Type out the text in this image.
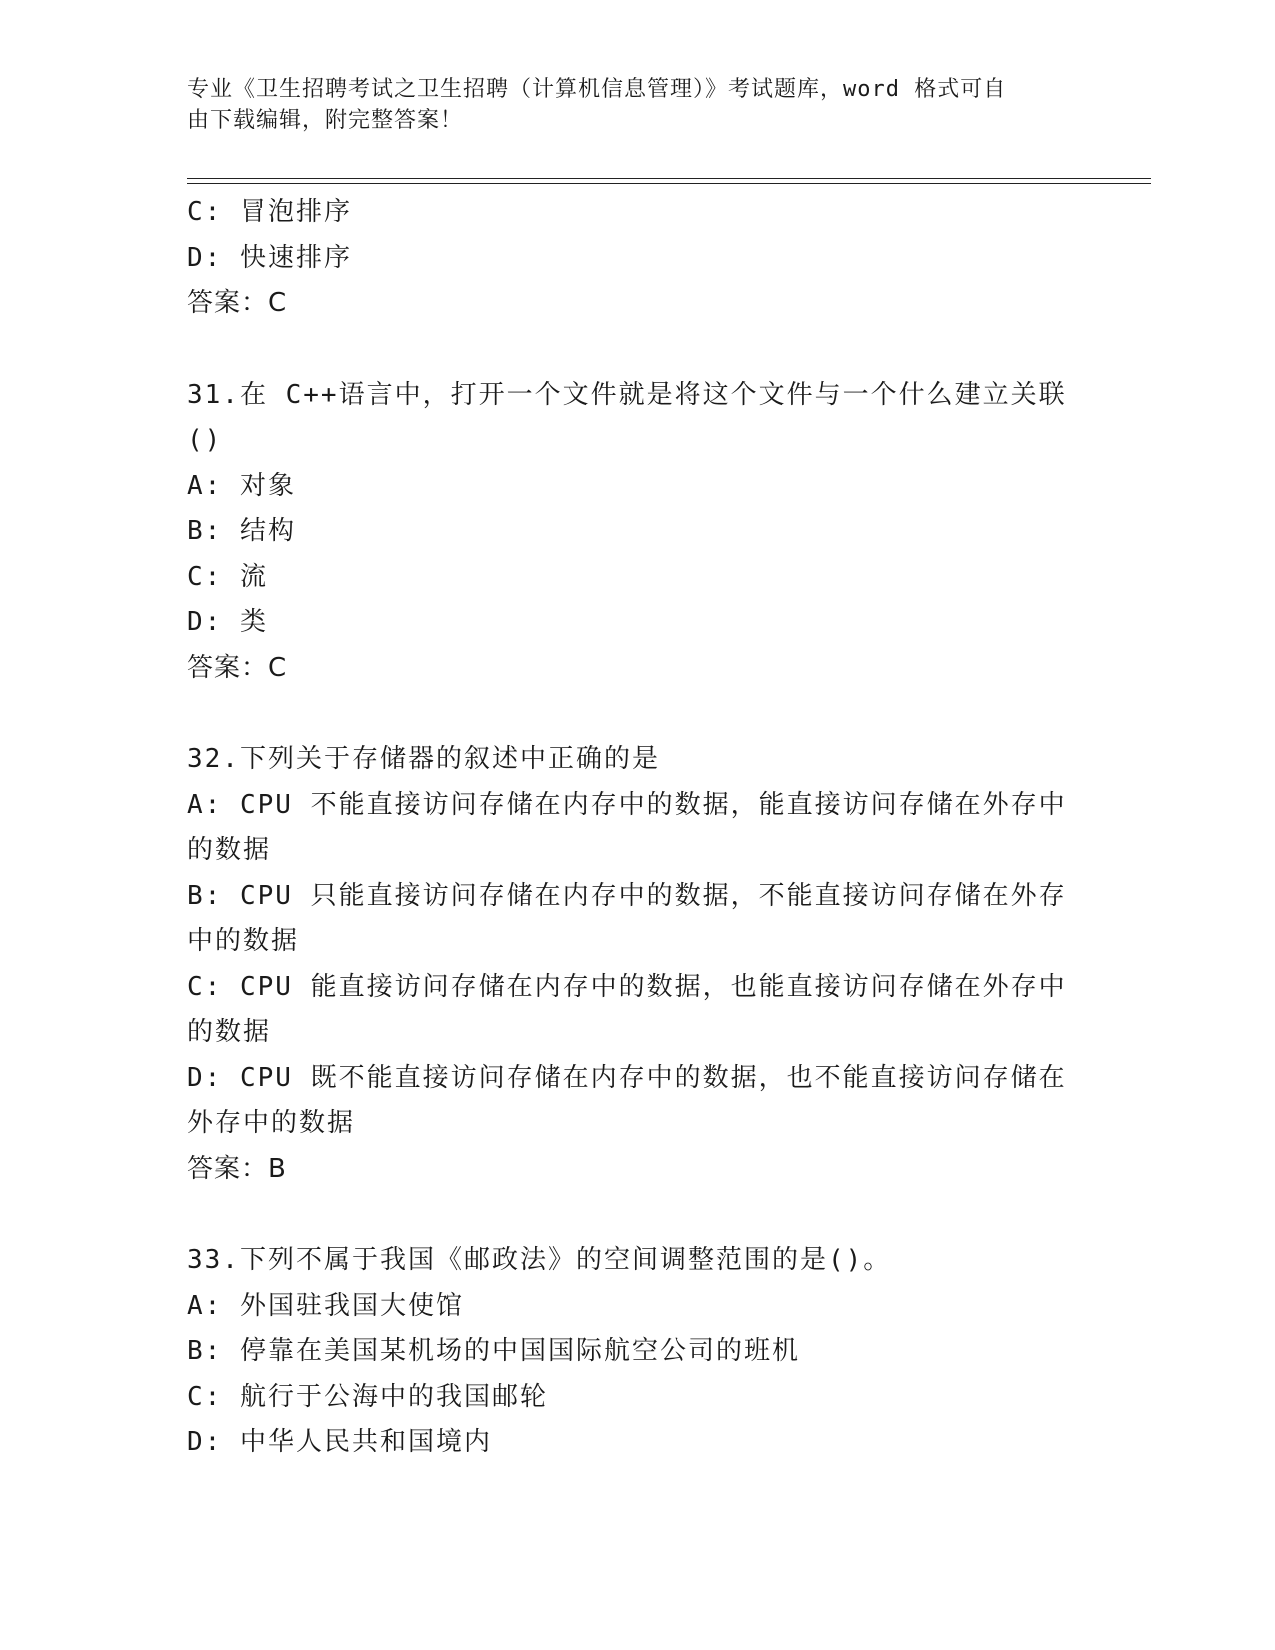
专业《卫生招聘考试之卫生招聘（计算机信息管理）》考试题库，word 格式可自
由下载编辑，附完整答案！
C: 冒泡排序
D: 快速排序
答案：C
31.在 C++语言中，打开一个文件就是将这个文件与一个什么建立关联
()
A: 对象
B: 结构
C: 流
D: 类
答案：C
32.下列关于存储器的叙述中正确的是
A: CPU 不能直接访问存储在内存中的数据，能直接访问存储在外存中
的数据
B: CPU 只能直接访问存储在内存中的数据，不能直接访问存储在外存
中的数据
C: CPU 能直接访问存储在内存中的数据，也能直接访问存储在外存中
的数据
D: CPU 既不能直接访问存储在内存中的数据，也不能直接访问存储在
外存中的数据
答案：B
33.下列不属于我国《邮政法》的空间调整范围的是()。
A: 外国驻我国大使馆
B: 停靠在美国某机场的中国国际航空公司的班机
C: 航行于公海中的我国邮轮
D: 中华人民共和国境内
